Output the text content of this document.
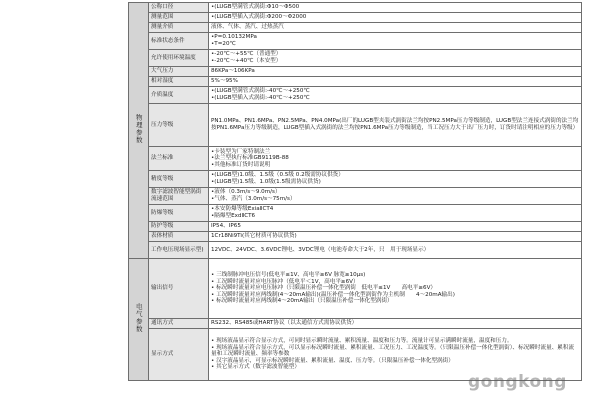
物理参数	公称口径	•(LUGB型满管式涡街:Φ10～Φ500

	测量范围	•(LUGB型插入式涡街:Φ200～Φ2000

	测量介质	液体、气体、蒸汽、过热蒸汽

	标准状态条件	•P=0.10132MPa
•T=20℃

	允许使用环境温度	•-20℃～+55℃（普通型）
•-20℃～+40℃（本安型）

	大气压力	86KPa～106KPa

	相对湿度	5%～95%

	介质温度	•(LUGB型满管式涡街:-40℃～+250℃
•(LUGB型插入式涡街:-40℃～+250℃

	压力等级	PN1.0MPa、PN1.6MPa、PN2.5MPa、PN4.0MPa(出厂的LUGB型夹装式涡街法兰均按PN2.5MPa压力等级制造，LUGB型法兰连接式涡街的法兰均按PN1.6MPa压力等级制造，LUGB型插入式涡街的法兰均按PN1.6MPa压力等级制造，当工况压力大于出厂压力时，订货时请注明相应的压力等级）

	法兰标准	•卡装型为厂家特制法兰
•法兰型执行标准GB9119B-88
•其他标准订货时请说明

	精度等级	•(LUGB型)1.0级、1.5级（0.5级 0.2级需协议供货）
•(LUGB型)1.5级、1.0级(1.5级需协议供货)

	数字滤波智能型涡街流速范围	•液体（0.3m/s～9.0m/s）
•气体、蒸汽（3.0m/s～75m/s）

	防爆等级	•本安防爆等级ExiaⅡCT4
•隔爆型ExdⅡCT6

	防护等级	IP54、IP65

	表体材质	1Cr18Ni9Ti(其它材质可协议供货)

	工作电压现场显示型)	12VDC、24VDC、3.6VDC锂电、3VDC锂电（电池寿命大于2年，只　用于现场显示）

电气参数	输出信号	• 三线制脉冲电压信号(低电平≤1V、高电平≥6V 脉宽≥10μs)
• 工况瞬时流量对应电压脉冲（低电平＜1V，高电平≥6V）
• 标况瞬时流量对应电压脉冲（只限温压补偿一体化型涡街　低电平≤1V　　高电平≥6V）
• 工况瞬时流量对应两线制(4～20mA输出)(温压补偿一体化型涡街作为主机制　　4～20mA输出)
• 标况瞬时流量对应两线制4～20mA输出（只限温压补偿一体化型涡街）

	通讯方式	RS232、RS485或HART协议（以太通信方式需协议供货）

	显示方式	• 现场液晶显示符合显示方式，可同时显示瞬时流量、累积流量、温度和压力等。流量计可显示满瞬时流量，温度和压力。
• 现场液晶显示符合显示方式，可以显示标况瞬时流量、累积流量、工况压力、工况温度等。（只限温压补偿一体化型涡街）、标况瞬时流量、累积流量和工况瞬时流量、频率等参数
• 汉字液晶显示，可显示标况瞬时流量、累积流量、温度、压力等。（只限温压补偿一体化型涡街）
• 其它显示方式（数字滤波智能型）
gongkong
